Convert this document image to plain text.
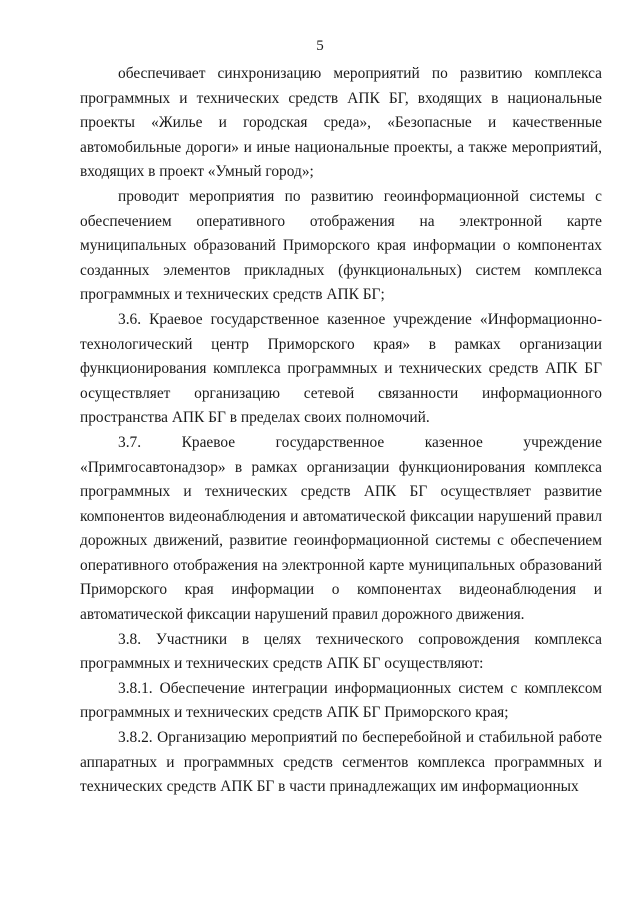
5

обеспечивает синхронизацию мероприятий по развитию комплекса программных и технических средств АПК БГ, входящих в национальные проекты «Жилье и городская среда», «Безопасные и качественные автомобильные дороги» и иные национальные проекты, а также мероприятий, входящих в проект «Умный город»;

проводит мероприятия по развитию геоинформационной системы с обеспечением оперативного отображения на электронной карте муниципальных образований Приморского края информации о компонентах созданных элементов прикладных (функциональных) систем комплекса программных и технических средств АПК БГ;

3.6. Краевое государственное казенное учреждение «Информационно-технологический центр Приморского края» в рамках организации функционирования комплекса программных и технических средств АПК БГ осуществляет организацию сетевой связанности информационного пространства АПК БГ в пределах своих полномочий.

3.7. Краевое государственное казенное учреждение «Примгосавтонадзор» в рамках организации функционирования комплекса программных и технических средств АПК БГ осуществляет развитие компонентов видеонаблюдения и автоматической фиксации нарушений правил дорожных движений, развитие геоинформационной системы с обеспечением оперативного отображения на электронной карте муниципальных образований Приморского края информации о компонентах видеонаблюдения и автоматической фиксации нарушений правил дорожного движения.

3.8. Участники в целях технического сопровождения комплекса программных и технических средств АПК БГ осуществляют:

3.8.1. Обеспечение интеграции информационных систем с комплексом программных и технических средств АПК БГ Приморского края;

3.8.2. Организацию мероприятий по бесперебойной и стабильной работе аппаратных и программных средств сегментов комплекса программных и технических средств АПК БГ в части принадлежащих им информационных
